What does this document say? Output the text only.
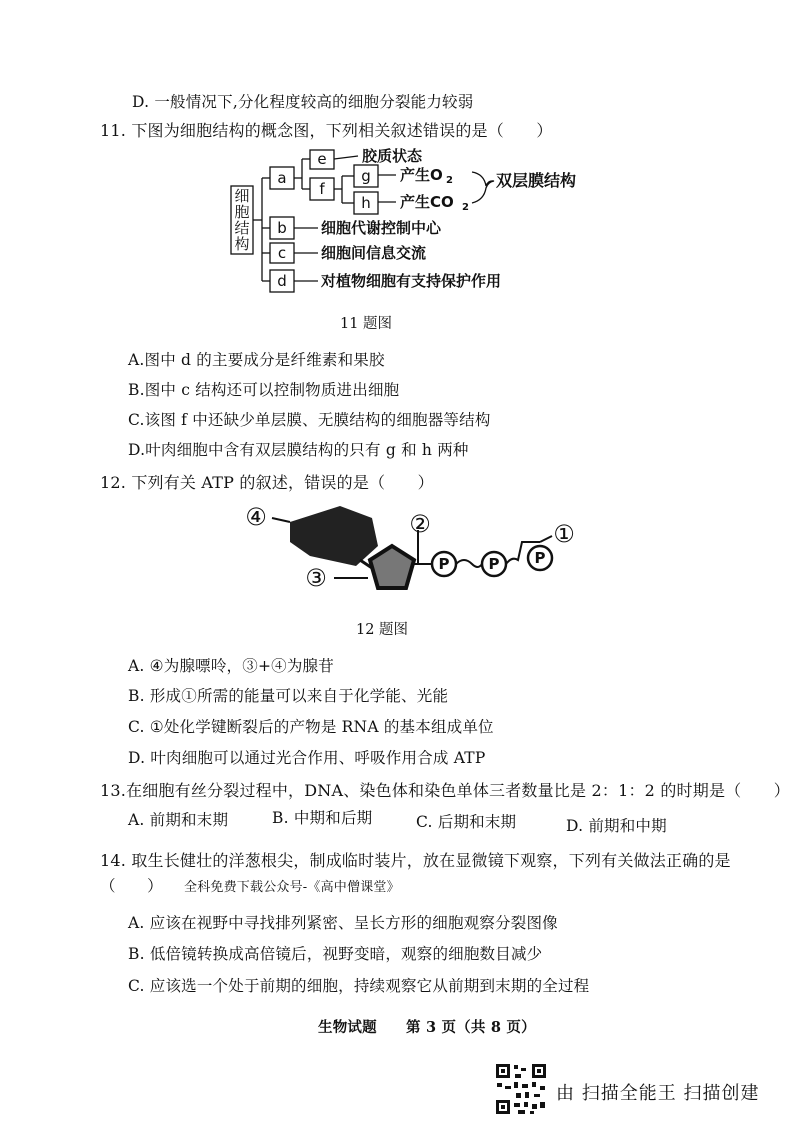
D. 一般情况下,分化程度较高的细胞分裂能力较弱
11. 下图为细胞结构的概念图，下列相关叙述错误的是（　　）
细
胞
结
构
a
e
f
g
h
b
c
d
胶质状态
产生O 2
产生CO 2
双层膜结构
细胞代谢控制中心
细胞间信息交流
对植物细胞有支持保护作用
11 题图
A.图中 d 的主要成分是纤维素和果胶
B.图中 c 结构还可以控制物质进出细胞
C.该图 f 中还缺少单层膜、无膜结构的细胞器等结构
D.叶肉细胞中含有双层膜结构的只有 g 和 h 两种
12. 下列有关 ATP 的叙述，错误的是（　　）
P	P P
④	②
③
①
12 题图
A. ④为腺嘌呤，③+④为腺苷
B. 形成①所需的能量可以来自于化学能、光能
C. ①处化学键断裂后的产物是 RNA 的基本组成单位
D. 叶肉细胞可以通过光合作用、呼吸作用合成 ATP
13.在细胞有丝分裂过程中，DNA、染色体和染色单体三者数量比是 2：1：2 的时期是（　　）
A. 前期和末期	B. 中期和后期	C. 后期和末期	D. 前期和中期
14. 取生长健壮的洋葱根尖，制成临时装片，放在显微镜下观察，下列有关做法正确的是
（　　） 全科免费下载公众号-《高中僧课堂》
A. 应该在视野中寻找排列紧密、呈长方形的细胞观察分裂图像
B. 低倍镜转换成高倍镜后，视野变暗，观察的细胞数目减少
C. 应该选一个处于前期的细胞，持续观察它从前期到末期的全过程
生物试题 第 3 页（共 8 页）
由 扫描全能王 扫描创建
